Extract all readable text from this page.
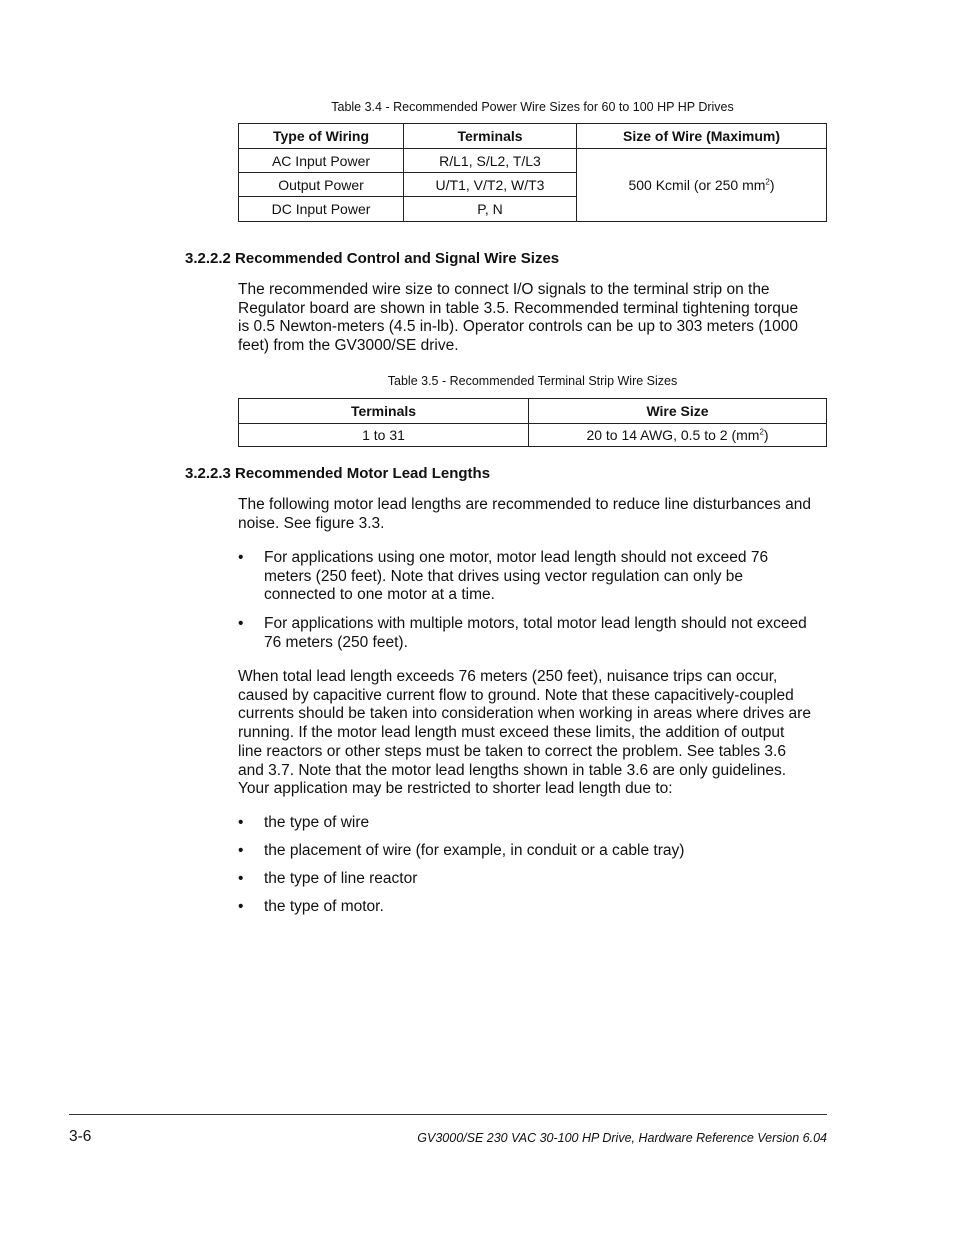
Table 3.4 - Recommended Power Wire Sizes for 60 to 100 HP HP Drives
Type of Wiring	Terminals	Size of Wire (Maximum)
AC Input Power	R/L1, S/L2, T/L3	500 Kcmil (or 250 $mm^2$)
Output Power	U/T1, V/T2, W/T3	
DC Input Power	P, N	
3.2.2.2 Recommended Control and Signal Wire Sizes
The recommended wire size to connect I/O signals to the terminal strip on the
Regulator board are shown in table 3.5. Recommended terminal tightening torque
is 0.5 Newton-meters (4.5 in-lb). Operator controls can be up to 303 meters (1000
feet) from the GV3000/SE drive.
Table 3.5 - Recommended Terminal Strip Wire Sizes
Terminals	Wire Size
1 to 31	20 to 14 AWG, 0.5 to 2 $(mm^2)$
3.2.2.3 Recommended Motor Lead Lengths
The following motor lead lengths are recommended to reduce line disturbances and
noise. See figure 3.3.
• For applications using one motor, motor lead length should not exceed 76
meters (250 feet). Note that drives using vector regulation can only be
connected to one motor at a time.
• For applications with multiple motors, total motor lead length should not exceed
76 meters (250 feet).
When total lead length exceeds 76 meters (250 feet), nuisance trips can occur,
caused by capacitive current flow to ground. Note that these capacitively-coupled
currents should be taken into consideration when working in areas where drives are
running. If the motor lead length must exceed these limits, the addition of output
line reactors or other steps must be taken to correct the problem. See tables 3.6
and 3.7. Note that the motor lead lengths shown in table 3.6 are only guidelines.
Your application may be restricted to shorter lead length due to:
• the type of wire
• the placement of wire (for example, in conduit or a cable tray)
• the type of line reactor
• the type of motor.
3-6	GV3000/SE 230 VAC 30-100 HP Drive, Hardware Reference Version 6.04
